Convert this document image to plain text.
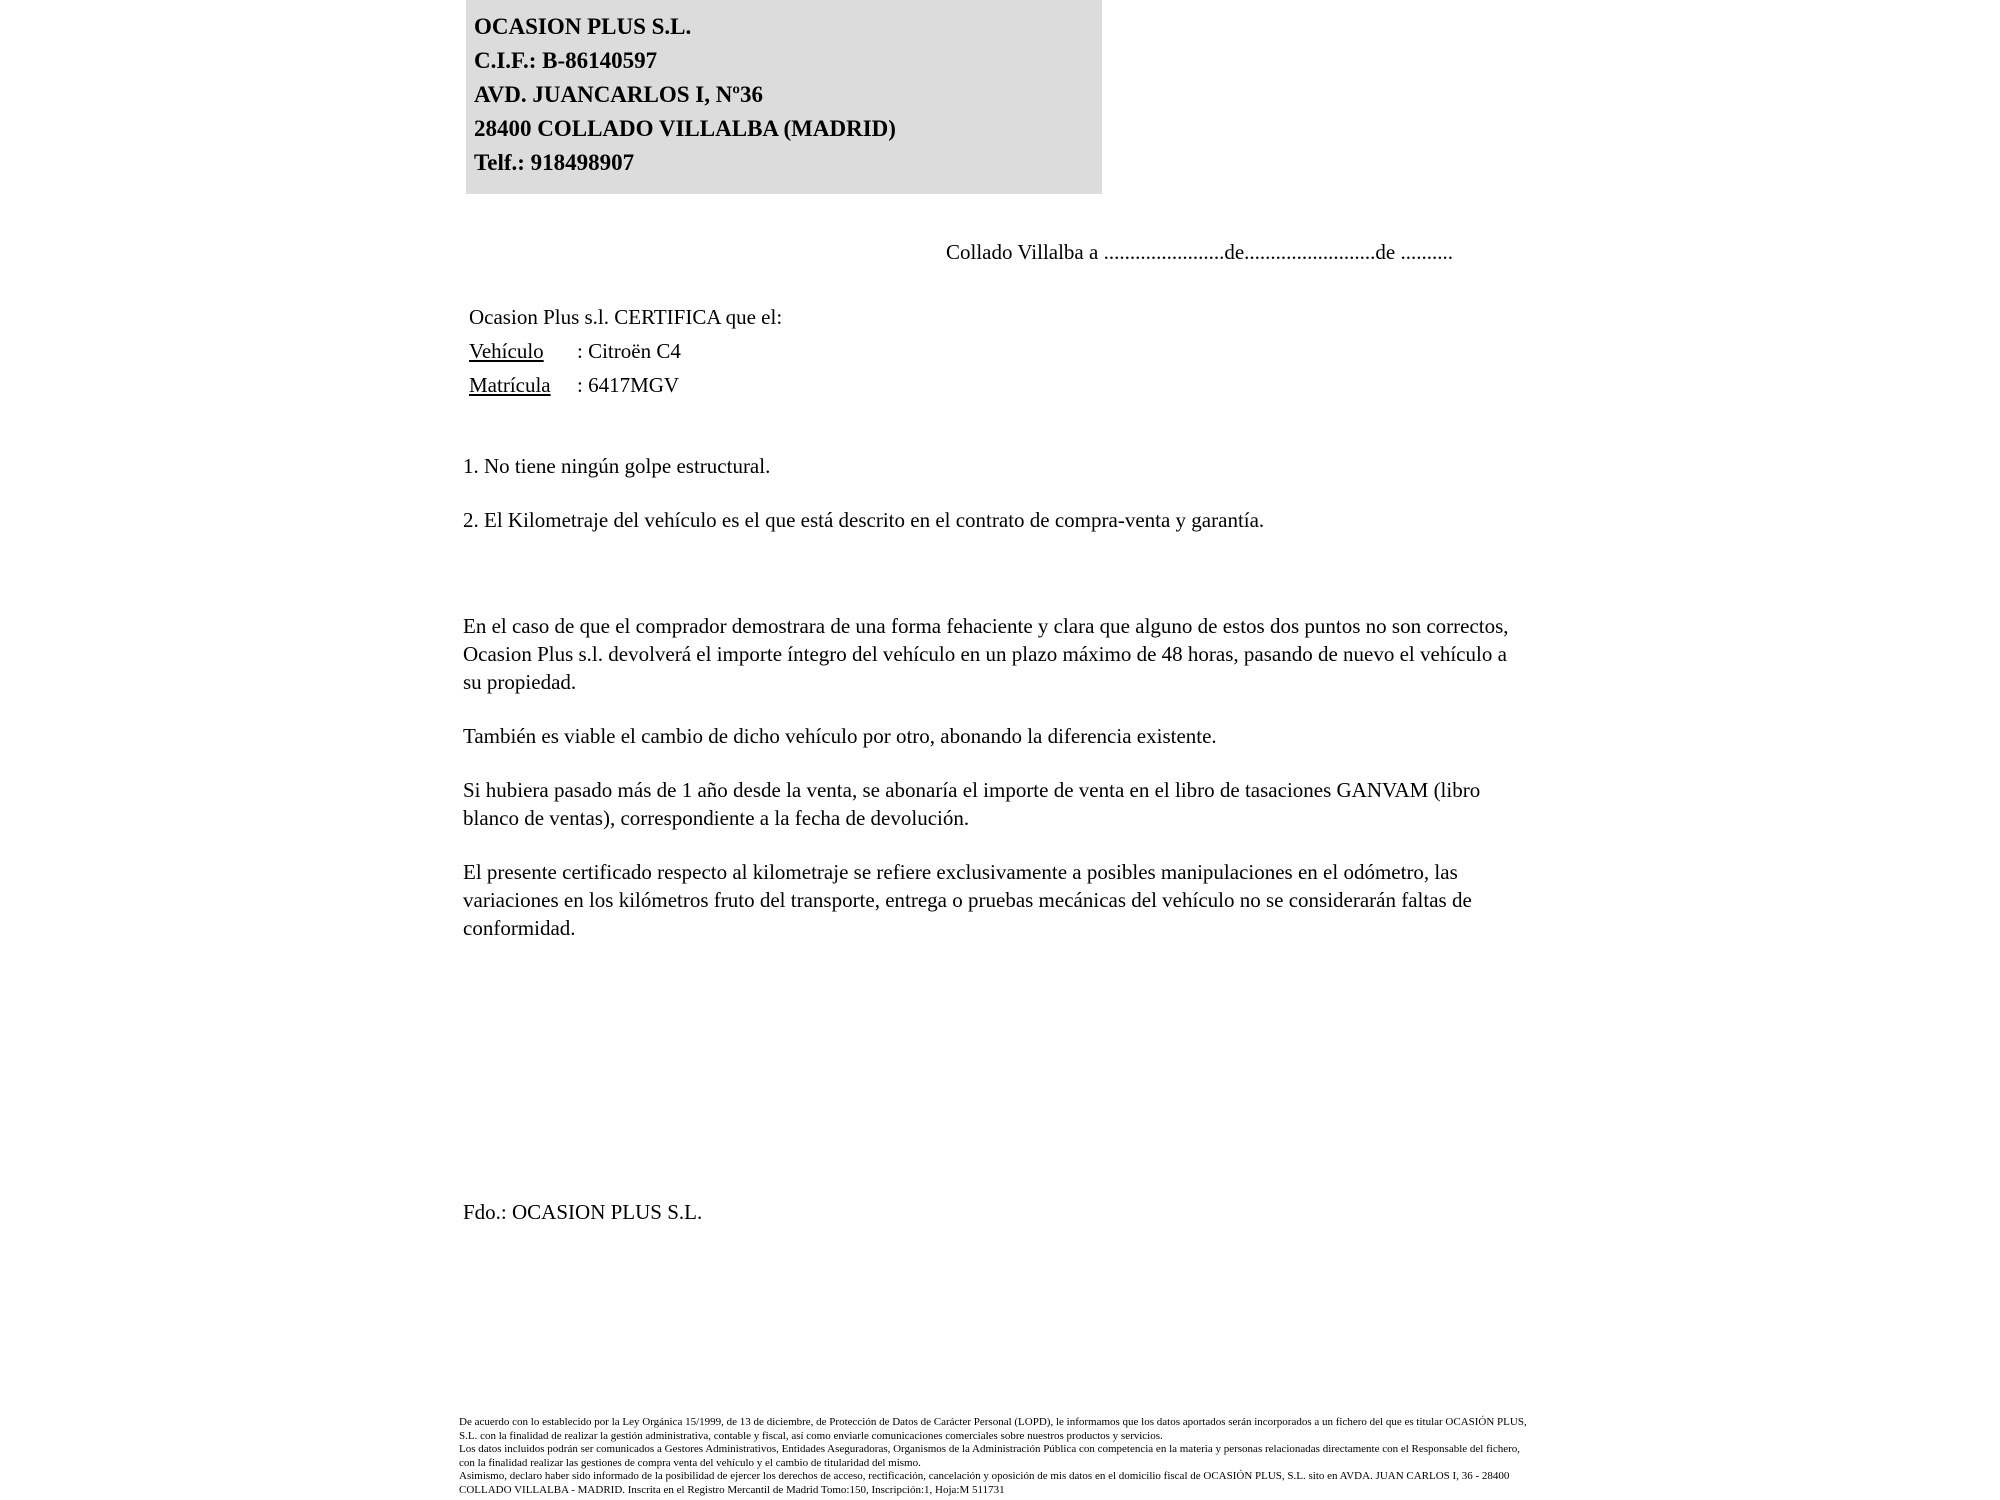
OCASION PLUS S.L.
C.I.F.: B-86140597
AVD. JUANCARLOS I, Nº36
28400 COLLADO VILLALBA (MADRID)
Telf.: 918498907
Collado Villalba a .......................de.........................de ..........
Ocasion Plus s.l. CERTIFICA que el:
Vehículo : Citroën C4
Matrícula : 6417MGV
1. No tiene ningún golpe estructural.
2. El Kilometraje del vehículo es el que está descrito en el contrato de compra-venta y garantía.
En el caso de que el comprador demostrara de una forma fehaciente y clara que alguno de estos dos puntos no son correctos, Ocasion Plus s.l. devolverá el importe íntegro del vehículo en un plazo máximo de 48 horas, pasando de nuevo el vehículo a su propiedad.
También es viable el cambio de dicho vehículo por otro, abonando la diferencia existente.
Si hubiera pasado más de 1 año desde la venta, se abonaría el importe de venta en el libro de tasaciones GANVAM (libro blanco de ventas), correspondiente a la fecha de devolución.
El presente certificado respecto al kilometraje se refiere exclusivamente a posibles manipulaciones en el odómetro, las variaciones en los kilómetros fruto del transporte, entrega o pruebas mecánicas del vehículo no se considerarán faltas de conformidad.
Fdo.: OCASION PLUS S.L.
De acuerdo con lo establecido por la Ley Orgánica 15/1999, de 13 de diciembre, de Protección de Datos de Carácter Personal (LOPD), le informamos que los datos aportados serán incorporados a un fichero del que es titular OCASIÓN PLUS, S.L. con la finalidad de realizar la gestión administrativa, contable y fiscal, así como enviarle comunicaciones comerciales sobre nuestros productos y servicios.
Los datos incluidos podrán ser comunicados a Gestores Administrativos, Entidades Aseguradoras, Organismos de la Administración Pública con competencia en la materia y personas relacionadas directamente con el Responsable del fichero, con la finalidad realizar las gestiones de compra venta del vehículo y el cambio de titularidad del mismo.
Asimismo, declaro haber sido informado de la posibilidad de ejercer los derechos de acceso, rectificación, cancelación y oposición de mis datos en el domicilio fiscal de OCASIÓN PLUS, S.L. sito en AVDA. JUAN CARLOS I, 36 - 28400 COLLADO VILLALBA - MADRID. Inscrita en el Registro Mercantil de Madrid Tomo:150, Inscripción:1, Hoja:M 511731
